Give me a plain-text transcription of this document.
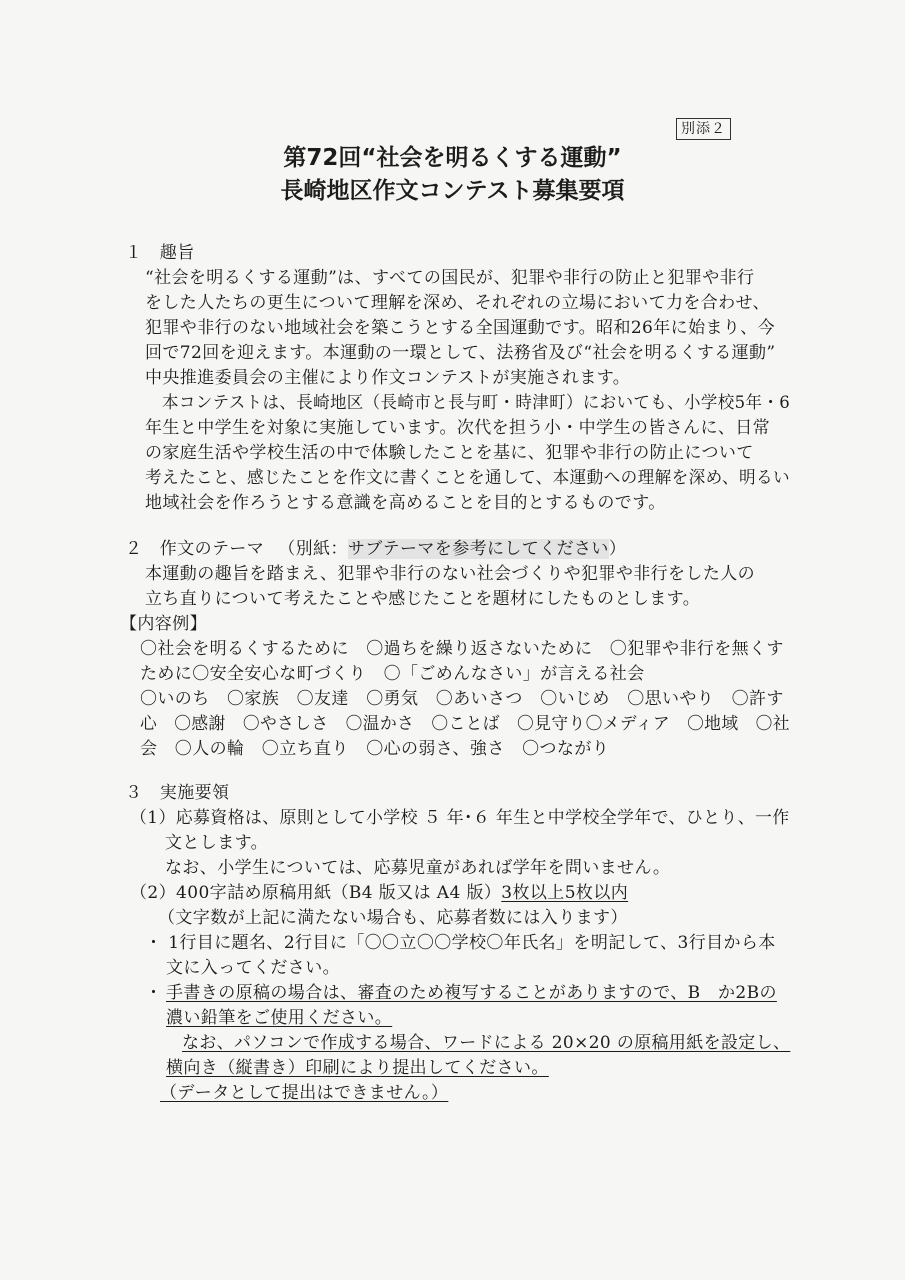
別添２
第72回“社会を明るくする運動”
長崎地区作文コンテスト募集要項
１　趣旨
“社会を明るくする運動”は、すべての国民が、犯罪や非行の防止と犯罪や非行
をした人たちの更生について理解を深め、それぞれの立場において力を合わせ、
犯罪や非行のない地域社会を築こうとする全国運動です。昭和26年に始まり、今
回で72回を迎えます。本運動の一環として、法務省及び“社会を明るくする運動”
中央推進委員会の主催により作文コンテストが実施されます。
本コンテストは、長崎地区（長崎市と長与町・時津町）においても、小学校5年・6
年生と中学生を対象に実施しています。次代を担う小・中学生の皆さんに、日常
の家庭生活や学校生活の中で体験したことを基に、犯罪や非行の防止について
考えたこと、感じたことを作文に書くことを通して、本運動への理解を深め、明るい
地域社会を作ろうとする意識を高めることを目的とするものです。
２　作文のテーマ （別紙：サブテーマを参考にしてください）
本運動の趣旨を踏まえ、犯罪や非行のない社会づくりや犯罪や非行をした人の
立ち直りについて考えたことや感じたことを題材にしたものとします。
【内容例】
〇社会を明るくするために　〇過ちを繰り返さないために　〇犯罪や非行を無くす
ために〇安全安心な町づくり　〇「ごめんなさい」が言える社会
〇いのち　〇家族　〇友達　〇勇気　〇あいさつ　〇いじめ　〇思いやり　〇許す
心　〇感謝　〇やさしさ　〇温かさ　〇ことば　〇見守り〇メディア　〇地域　〇社
会　〇人の輪　〇立ち直り　〇心の弱さ、強さ　〇つながり
３　実施要領
（1）応募資格は、原則として小学校 ５ 年･６ 年生と中学校全学年で、ひとり、一作
文とします。
なお、小学生については、応募児童があれば学年を問いません。
（2）400字詰め原稿用紙（B4 版又は A4 版）3枚以上5枚以内
（文字数が上記に満たない場合も、応募者数には入ります）
・ 1行目に題名、2行目に「〇〇立〇〇学校〇年氏名」を明記して、3行目から本
文に入ってください。
・ 手書きの原稿の場合は、審査のため複写することがありますので、B　か2Bの
濃い鉛筆をご使用ください。
なお、パソコンで作成する場合、ワードによる 20×20 の原稿用紙を設定し、
横向き（縦書き）印刷により提出してください。
（データとして提出はできません。）
